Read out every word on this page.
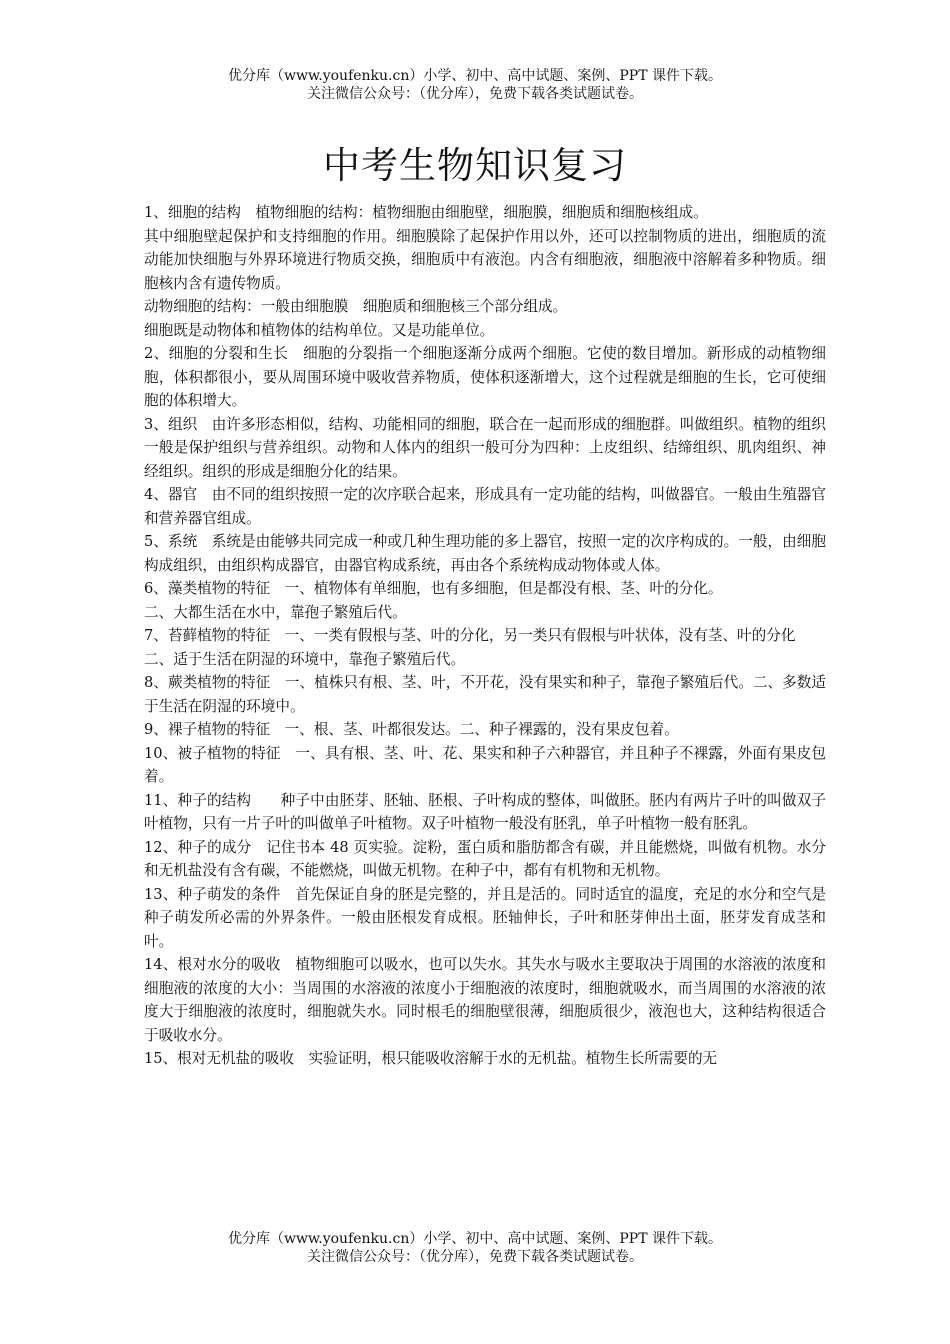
优分库（www.youfenku.cn）小学、初中、高中试题、案例、PPT 课件下载。
关注微信公众号：（优分库），免费下载各类试题试卷。
中考生物知识复习

1、细胞的结构　植物细胞的结构：植物细胞由细胞壁，细胞膜，细胞质和细胞核组成。

其中细胞壁起保护和支持细胞的作用。细胞膜除了起保护作用以外，还可以控制物质的进出，细胞质的流动能加快细胞与外界环境进行物质交换，细胞质中有液泡。内含有细胞液，细胞液中溶解着多种物质。细胞核内含有遗传物质。

动物细胞的结构：一般由细胞膜　细胞质和细胞核三个部分组成。

细胞既是动物体和植物体的结构单位。又是功能单位。

2、细胞的分裂和生长　细胞的分裂指一个细胞逐渐分成两个细胞。它使的数目增加。新形成的动植物细胞，体积都很小，要从周围环境中吸收营养物质，使体积逐渐增大，这个过程就是细胞的生长，它可使细胞的体积增大。

3、组织　由许多形态相似，结构、功能相同的细胞，联合在一起而形成的细胞群。叫做组织。植物的组织一般是保护组织与营养组织。动物和人体内的组织一般可分为四种：上皮组织、结缔组织、肌肉组织、神经组织。组织的形成是细胞分化的结果。

4、器官　由不同的组织按照一定的次序联合起来，形成具有一定功能的结构，叫做器官。一般由生殖器官和营养器官组成。

5、系统　系统是由能够共同完成一种或几种生理功能的多上器官，按照一定的次序构成的。一般，由细胞构成组织，由组织构成器官，由器官构成系统，再由各个系统构成动物体或人体。

6、藻类植物的特征　一、植物体有单细胞，也有多细胞，但是都没有根、茎、叶的分化。

二、大都生活在水中，靠孢子繁殖后代。

7、苔藓植物的特征　一、一类有假根与茎、叶的分化，另一类只有假根与叶状体，没有茎、叶的分化

二、适于生活在阴湿的环境中，靠孢子繁殖后代。

8、蕨类植物的特征　一、植株只有根、茎、叶，不开花，没有果实和种子，靠孢子繁殖后代。二、多数适于生活在阴湿的环境中。

9、裸子植物的特征　一、根、茎、叶都很发达。二、种子裸露的，没有果皮包着。

10、被子植物的特征　一、具有根、茎、叶、花、果实和种子六种器官，并且种子不裸露，外面有果皮包着。

11、种子的结构　　种子中由胚芽、胚轴、胚根、子叶构成的整体，叫做胚。胚内有两片子叶的叫做双子叶植物，只有一片子叶的叫做单子叶植物。双子叶植物一般没有胚乳，单子叶植物一般有胚乳。

12、种子的成分　记住书本 48 页实验。淀粉，蛋白质和脂肪都含有碳，并且能燃烧，叫做有机物。水分和无机盐没有含有碳，不能燃烧，叫做无机物。在种子中，都有有机物和无机物。

13、种子萌发的条件　首先保证自身的胚是完整的，并且是活的。同时适宜的温度，充足的水分和空气是种子萌发所必需的外界条件。一般由胚根发育成根。胚轴伸长，子叶和胚芽伸出土面，胚芽发育成茎和叶。

14、根对水分的吸收　植物细胞可以吸水，也可以失水。其失水与吸水主要取决于周围的水溶液的浓度和细胞液的浓度的大小：当周围的水溶液的浓度小于细胞液的浓度时，细胞就吸水，而当周围的水溶液的浓度大于细胞液的浓度时，细胞就失水。同时根毛的细胞壁很薄，细胞质很少，液泡也大，这种结构很适合于吸收水分。

15、根对无机盐的吸收　实验证明，根只能吸收溶解于水的无机盐。植物生长所需要的无

优分库（www.youfenku.cn）小学、初中、高中试题、案例、PPT 课件下载。
关注微信公众号：（优分库），免费下载各类试题试卷。
